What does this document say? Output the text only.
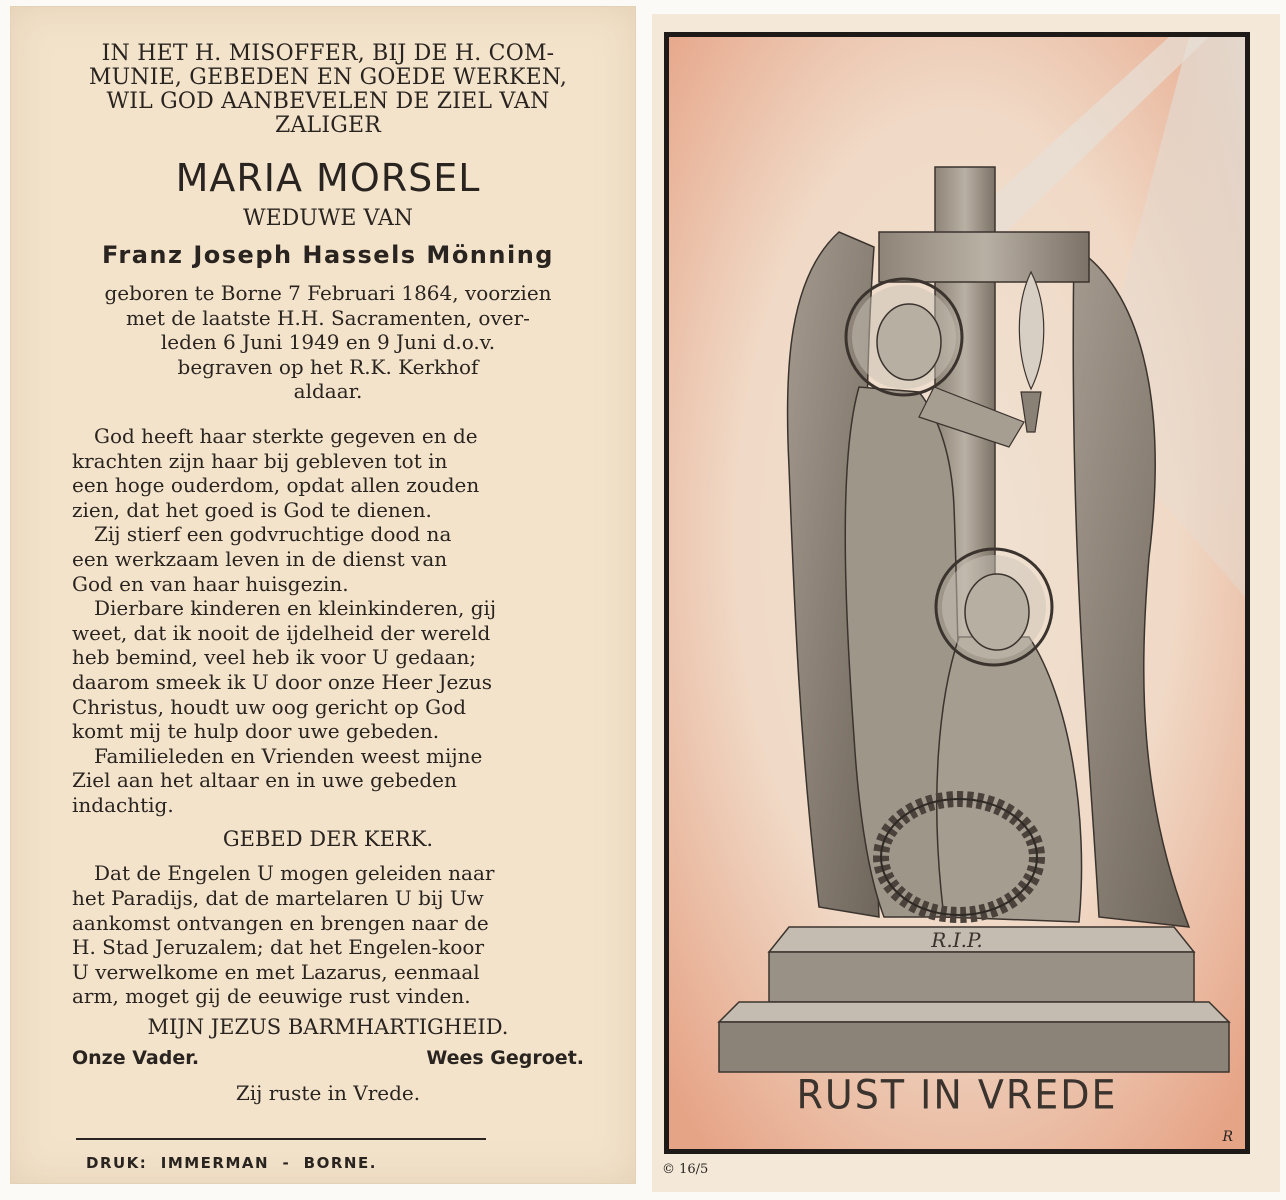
IN HET H. MISOFFER, BIJ DE H. COM-
MUNIE, GEBEDEN EN GOEDE WERKEN,
WIL GOD AANBEVELEN DE ZIEL VAN
ZALIGER

MARIA MORSEL
WEDUWE VAN
Franz Joseph Hassels Mönning

geboren te Borne 7 Februari 1864, voorzien
met de laatste H.H. Sacramenten, over-
leden 6 Juni 1949 en 9 Juni d.o.v.
begraven op het R.K. Kerkhof
aldaar.

God heeft haar sterkte gegeven en de
krachten zijn haar bij gebleven tot in
een hoge ouderdom, opdat allen zouden
zien, dat het goed is God te dienen.

Zij stierf een godvruchtige dood na
een werkzaam leven in de dienst van
God en van haar huisgezin.

Dierbare kinderen en kleinkinderen, gij
weet, dat ik nooit de ijdelheid der wereld
heb bemind, veel heb ik voor U gedaan;
daarom smeek ik U door onze Heer Jezus
Christus, houdt uw oog gericht op God
komt mij te hulp door uwe gebeden.

Familieleden en Vrienden weest mijne
Ziel aan het altaar en in uwe gebeden
indachtig.

GEBED DER KERK.

Dat de Engelen U mogen geleiden naar
het Paradijs, dat de martelaren U bij Uw
aankomst ontvangen en brengen naar de
H. Stad Jeruzalem; dat het Engelen-koor
U verwelkome en met Lazarus, eenmaal
arm, moget gij de eeuwige rust vinden.

MIJN JEZUS BARMHARTIGHEID.
Onze Vader.	Wees Gegroet.
Zij ruste in Vrede.
DRUK:  IMMERMAN  -  BORNE.
R.I.P.
RUST IN VREDE
R
© 16/5
